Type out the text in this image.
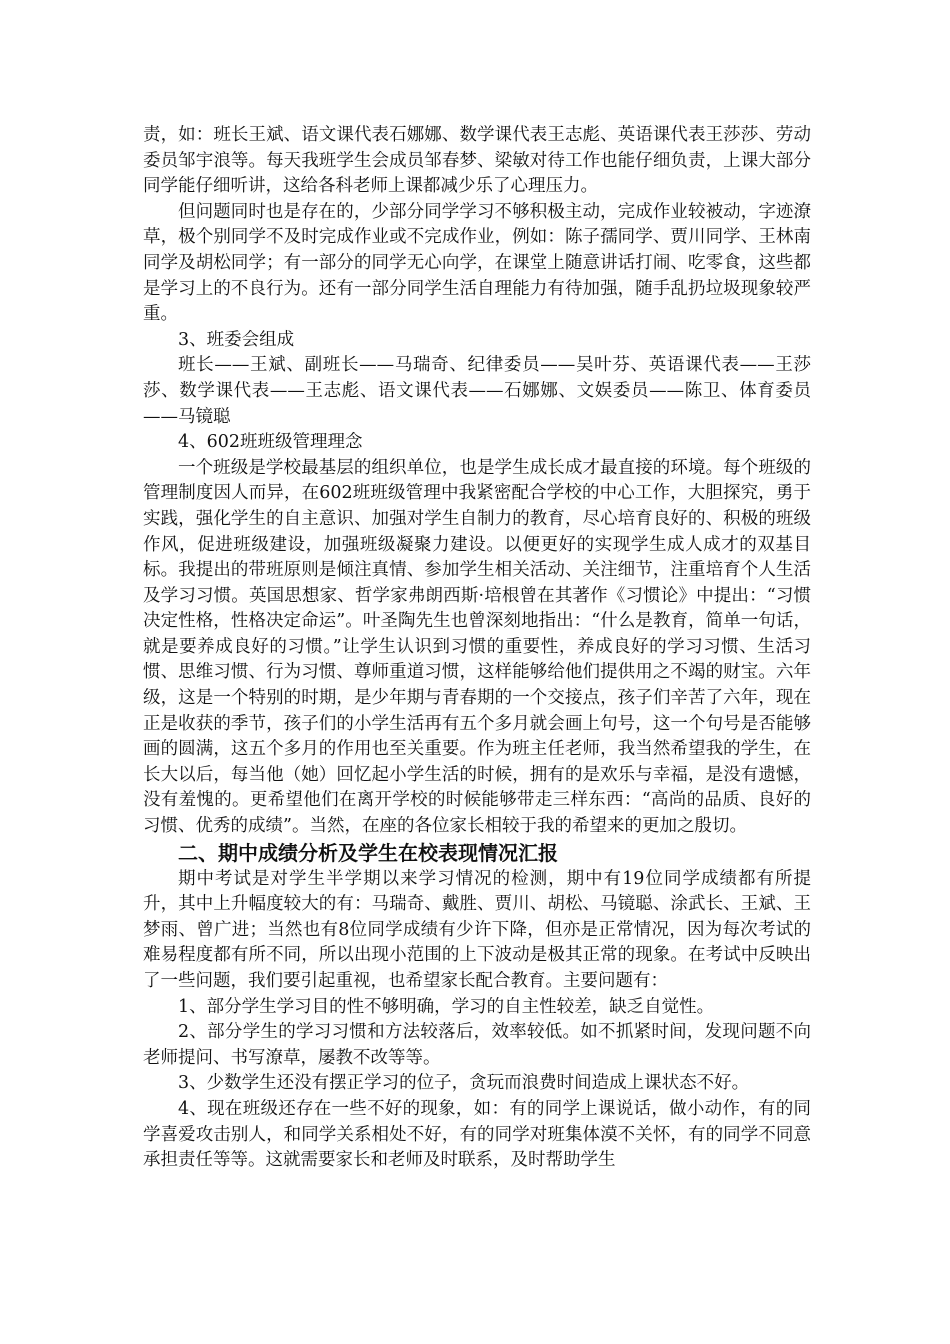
责，如：班长王斌、语文课代表石娜娜、数学课代表王志彪、英语课代表王莎莎、劳动委员邹宇浪等。每天我班学生会成员邹春梦、梁敏对待工作也能仔细负责，上课大部分同学能仔细听讲，这给各科老师上课都减少乐了心理压力。

但问题同时也是存在的，少部分同学学习不够积极主动，完成作业较被动，字迹潦草，极个别同学不及时完成作业或不完成作业，例如：陈子孺同学、贾川同学、王林南同学及胡松同学；有一部分的同学无心向学，在课堂上随意讲话打闹、吃零食，这些都是学习上的不良行为。还有一部分同学生活自理能力有待加强，随手乱扔垃圾现象较严重。

3、班委会组成

班长——王斌、副班长——马瑞奇、纪律委员——吴叶芬、英语课代表——王莎莎、数学课代表——王志彪、语文课代表——石娜娜、文娱委员——陈卫、体育委员——马镜聪

4、602班班级管理理念

一个班级是学校最基层的组织单位，也是学生成长成才最直接的环境。每个班级的管理制度因人而异，在602班班级管理中我紧密配合学校的中心工作，大胆探究，勇于实践，强化学生的自主意识、加强对学生自制力的教育，尽心培育良好的、积极的班级作风，促进班级建设，加强班级凝聚力建设。以便更好的实现学生成人成才的双基目标。我提出的带班原则是倾注真情、参加学生相关活动、关注细节，注重培育个人生活及学习习惯。英国思想家、哲学家弗朗西斯·培根曾在其著作《习惯论》中提出：“习惯决定性格，性格决定命运”。叶圣陶先生也曾深刻地指出：“什么是教育，简单一句话，就是要养成良好的习惯。”让学生认识到习惯的重要性，养成良好的学习习惯、生活习惯、思维习惯、行为习惯、尊师重道习惯，这样能够给他们提供用之不竭的财宝。六年级，这是一个特别的时期，是少年期与青春期的一个交接点，孩子们辛苦了六年，现在正是收获的季节，孩子们的小学生活再有五个多月就会画上句号，这一个句号是否能够画的圆满，这五个多月的作用也至关重要。作为班主任老师，我当然希望我的学生，在长大以后，每当他（她）回忆起小学生活的时候，拥有的是欢乐与幸福，是没有遗憾，没有羞愧的。更希望他们在离开学校的时候能够带走三样东西：“高尚的品质、良好的习惯、优秀的成绩”。当然，在座的各位家长相较于我的希望来的更加之殷切。

二、期中成绩分析及学生在校表现情况汇报

期中考试是对学生半学期以来学习情况的检测，期中有19位同学成绩都有所提升，其中上升幅度较大的有：马瑞奇、戴胜、贾川、胡松、马镜聪、涂武长、王斌、王梦雨、曾广进；当然也有8位同学成绩有少许下降，但亦是正常情况，因为每次考试的难易程度都有所不同，所以出现小范围的上下波动是极其正常的现象。在考试中反映出了一些问题，我们要引起重视，也希望家长配合教育。主要问题有：

1、部分学生学习目的性不够明确，学习的自主性较差，缺乏自觉性。

2、部分学生的学习习惯和方法较落后，效率较低。如不抓紧时间，发现问题不向老师提问、书写潦草，屡教不改等等。

3、少数学生还没有摆正学习的位子，贪玩而浪费时间造成上课状态不好。

4、现在班级还存在一些不好的现象，如：有的同学上课说话，做小动作，有的同学喜爱攻击别人，和同学关系相处不好，有的同学对班集体漠不关怀，有的同学不同意承担责任等等。这就需要家长和老师及时联系，及时帮助学生
